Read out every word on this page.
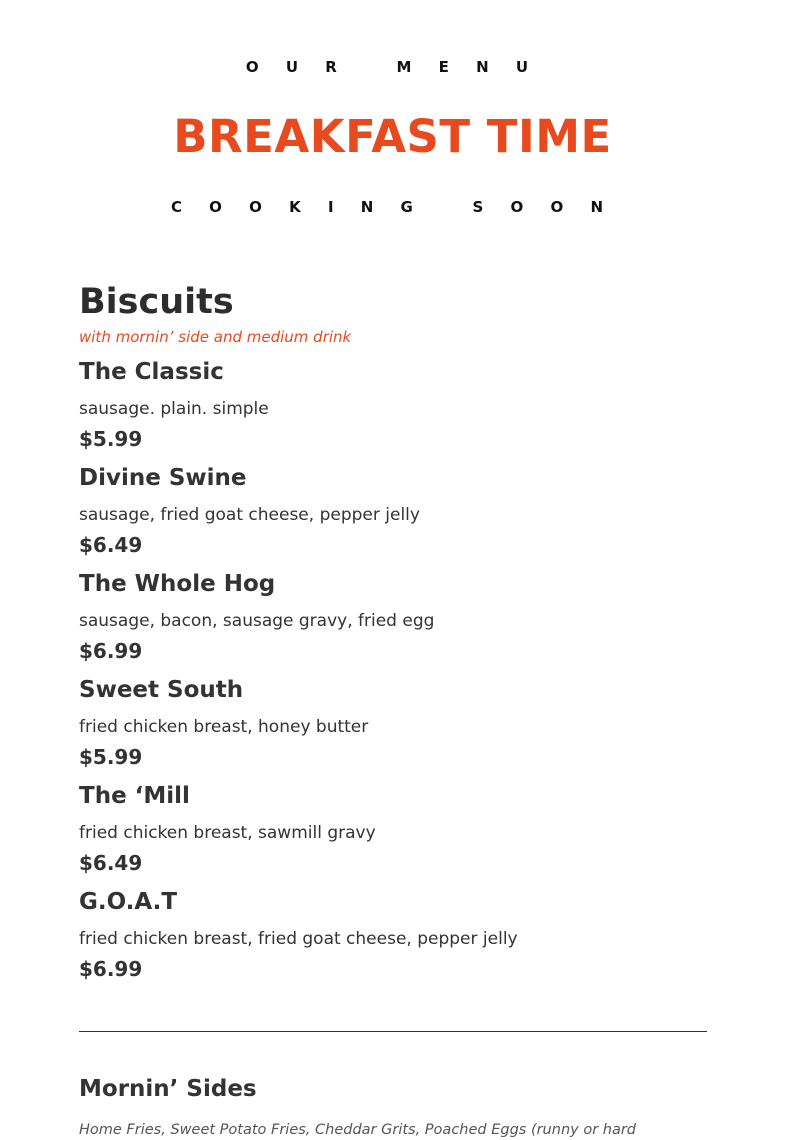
O U R   M E N U
BREAKFAST TIME
C O O K I N G   S O O N
Biscuits

with mornin’ side and medium drink

The Classic
sausage. plain. simple
$5.99
Divine Swine
sausage, fried goat cheese, pepper jelly
$6.49
The Whole Hog
sausage, bacon, sausage gravy, fried egg
$6.99
Sweet South
fried chicken breast, honey butter
$5.99
The ‘Mill
fried chicken breast, sawmill gravy
$6.49
G.O.A.T
fried chicken breast, fried goat cheese, pepper jelly
$6.99
Mornin’ Sides
Home Fries, Sweet Potato Fries, Cheddar Grits, Poached Eggs (runny or hard
